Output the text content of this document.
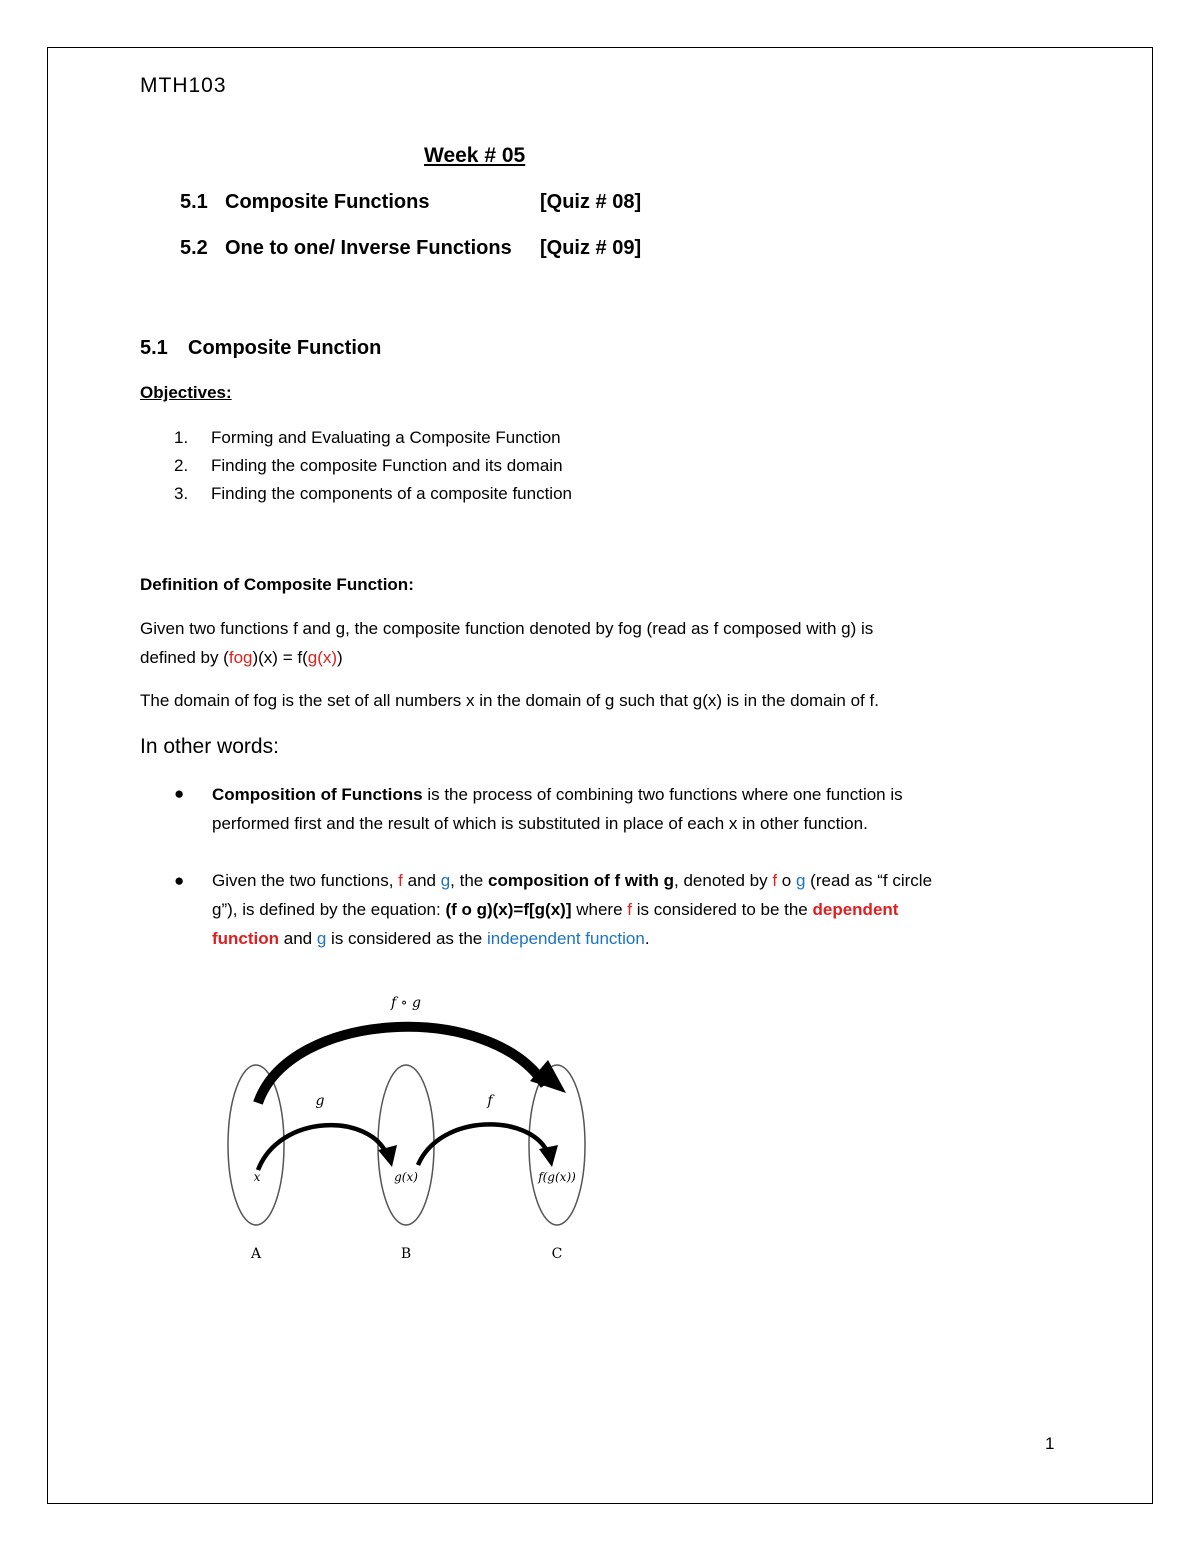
MTH103
Week # 05
5.1 Composite Functions	[Quiz # 08]
5.2 One to one/ Inverse Functions [Quiz # 09]
5.1 Composite Function
Objectives:
1. Forming and Evaluating a Composite Function
2. Finding the composite Function and its domain
3. Finding the components of a composite function
Definition of Composite Function:
Given two functions f and g, the composite function denoted by fog (read as f composed with g) is
defined by (fog)(x) = f(g(x))
The domain of fog is the set of all numbers x in the domain of g such that g(x) is in the domain of f.
In other words:
● Composition of Functions is the process of combining two functions where one function is
performed first and the result of which is substituted in place of each x in other function.
● Given the two functions, f and g, the composition of f with g, denoted by f o g (read as “f circle
g”), is defined by the equation: (f o g)(x)=f[g(x)] where f is considered to be the dependent
function and g is considered as the independent function.
f ∘ g
g	f
x	g(x)	f(g(x))
A	B	C
1
